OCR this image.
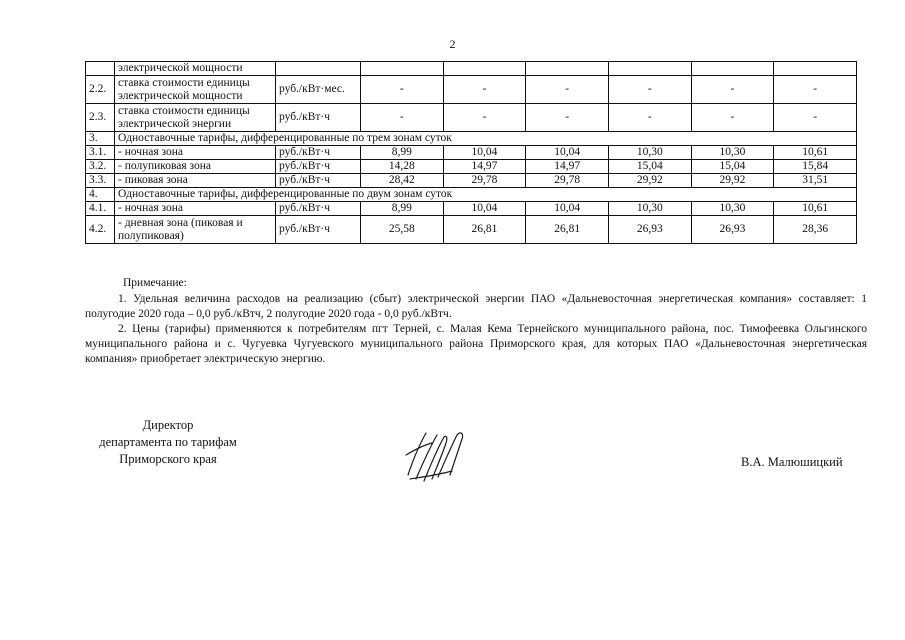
2
	электрической мощности							
2.2.	ставка стоимости единицы электрической мощности	руб./кВт·мес.	-	-	-	-	-	-
2.3.	ставка стоимости единицы электрической энергии	руб./кВт·ч	-	-	-	-	-	-
3.	Одноставочные тарифы, дифференцированные по трем зонам суток							
3.1.	- ночная зона	руб./кВт·ч	8,99	10,04	10,04	10,30	10,30	10,61
3.2.	- полупиковая зона	руб./кВт·ч	14,28	14,97	14,97	15,04	15,04	15,84
3.3.	- пиковая зона	руб./кВт·ч	28,42	29,78	29,78	29,92	29,92	31,51
4.	Одноставочные тарифы, дифференцированные по двум зонам суток							
4.1.	- ночная зона	руб./кВт·ч	8,99	10,04	10,04	10,30	10,30	10,61
4.2.	- дневная зона (пиковая и полупиковая)	руб./кВт·ч	25,58	26,81	26,81	26,93	26,93	28,36
Примечание:

1. Удельная величина расходов на реализацию (сбыт) электрической энергии ПАО «Дальневосточная энергетическая компания» составляет: 1 полугодие 2020 года – 0,0 руб./кВтч, 2 полугодие 2020 года - 0,0 руб./кВтч.

2. Цены (тарифы) применяются к потребителям пгт Терней, с. Малая Кема Тернейского муниципального района, пос. Тимофеевка Ольгинского муниципального района и с. Чугуевка Чугуевского муниципального района Приморского края, для которых ПАО «Дальневосточная энергетическая компания» приобретает электрическую энергию.

Директор
департамента по тарифам
Приморского края	В.А. Малюшицкий
